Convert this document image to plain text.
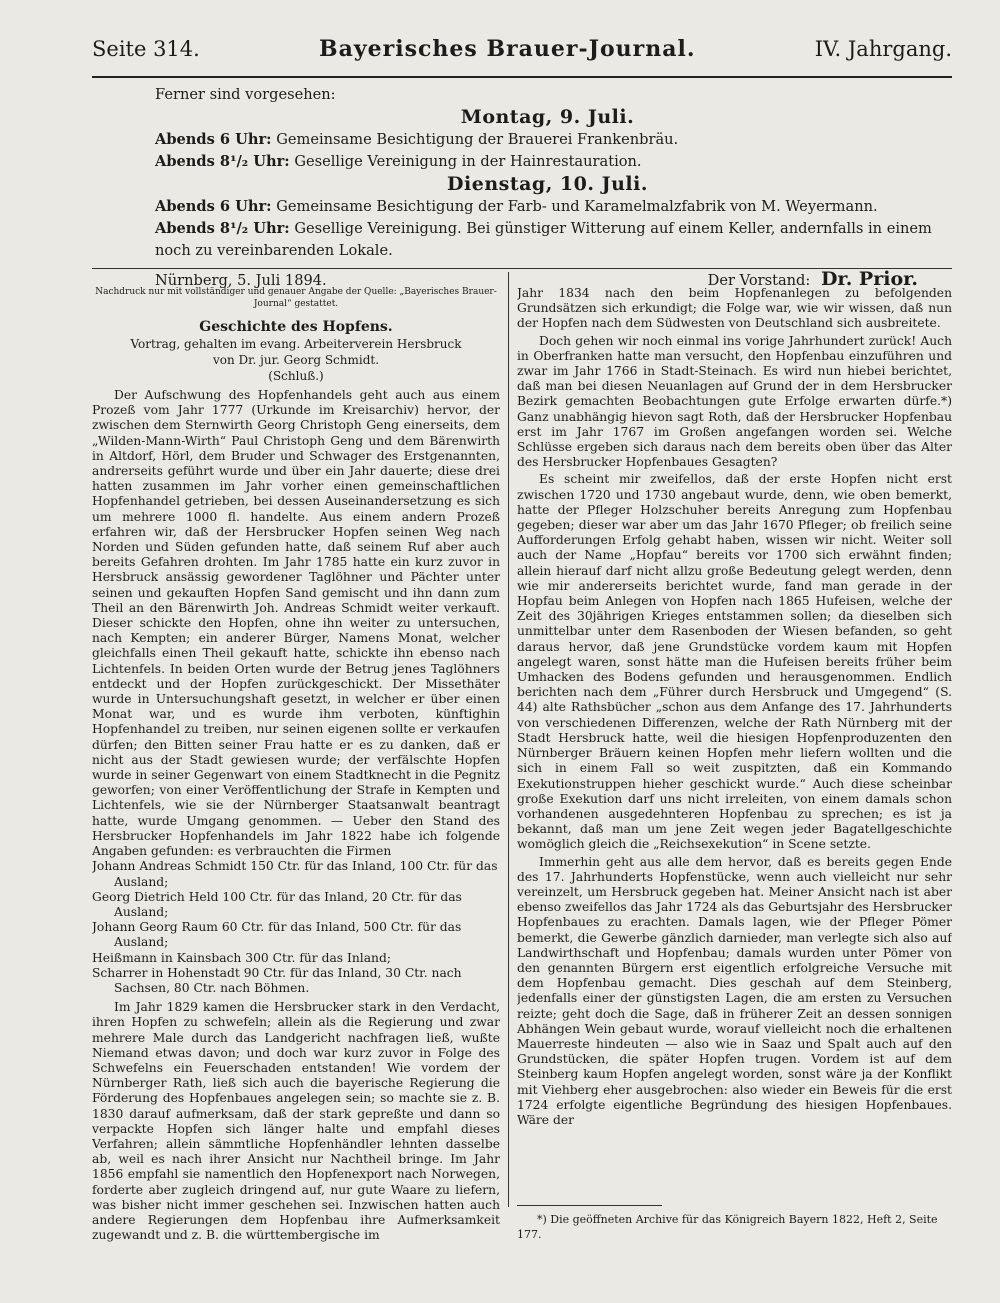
Seite 314.	Bayerisches Brauer-Journal.	IV. Jahrgang.

Ferner sind vorgesehen:

Montag, 9. Juli.

Abends 6 Uhr: Gemeinsame Besichtigung der Brauerei Frankenbräu.

Abends 8¹/₂ Uhr: Gesellige Vereinigung in der Hainrestauration.

Dienstag, 10. Juli.

Abends 6 Uhr: Gemeinsame Besichtigung der Farb- und Karamelmalzfabrik von M. Weyermann.

Abends 8¹/₂ Uhr: Gesellige Vereinigung. Bei günstiger Witterung auf einem Keller, andernfalls in einem noch zu vereinbarenden Lokale.

Nürnberg, 5. Juli 1894.	Der Vorstand: Dr. Prior.

Nachdruck nur mit vollständiger und genauer Angabe der Quelle: „Bayerisches Brauer-Journal“ gestattet.

Geschichte des Hopfens.

Vortrag, gehalten im evang. Arbeiterverein Hersbruck

von Dr. jur. Georg Schmidt.

(Schluß.)

Der Aufschwung des Hopfenhandels geht auch aus einem Prozeß vom Jahr 1777 (Urkunde im Kreisarchiv) hervor, der zwischen dem Sternwirth Georg Christoph Geng einerseits, dem „Wilden-Mann-Wirth“ Paul Christoph Geng und dem Bärenwirth in Altdorf, Hörl, dem Bruder und Schwager des Erstgenannten, andrerseits geführt wurde und über ein Jahr dauerte; diese drei hatten zusammen im Jahr vorher einen gemeinschaftlichen Hopfenhandel getrieben, bei dessen Auseinandersetzung es sich um mehrere 1000 fl. handelte. Aus einem andern Prozeß erfahren wir, daß der Hersbrucker Hopfen seinen Weg nach Norden und Süden gefunden hatte, daß seinem Ruf aber auch bereits Gefahren drohten. Im Jahr 1785 hatte ein kurz zuvor in Hersbruck ansässig gewordener Taglöhner und Pächter unter seinen und gekauften Hopfen Sand gemischt und ihn dann zum Theil an den Bärenwirth Joh. Andreas Schmidt weiter verkauft. Dieser schickte den Hopfen, ohne ihn weiter zu untersuchen, nach Kempten; ein anderer Bürger, Namens Monat, welcher gleichfalls einen Theil gekauft hatte, schickte ihn ebenso nach Lichtenfels. In beiden Orten wurde der Betrug jenes Taglöhners entdeckt und der Hopfen zurückgeschickt. Der Missethäter wurde in Untersuchungshaft gesetzt, in welcher er über einen Monat war, und es wurde ihm verboten, künftighin Hopfenhandel zu treiben, nur seinen eigenen sollte er verkaufen dürfen; den Bitten seiner Frau hatte er es zu danken, daß er nicht aus der Stadt gewiesen wurde; der verfälschte Hopfen wurde in seiner Gegenwart von einem Stadtknecht in die Pegnitz geworfen; von einer Veröffentlichung der Strafe in Kempten und Lichtenfels, wie sie der Nürnberger Staatsanwalt beantragt hatte, wurde Umgang genommen. — Ueber den Stand des Hersbrucker Hopfenhandels im Jahr 1822 habe ich folgende Angaben gefunden: es verbrauchten die Firmen

Johann Andreas Schmidt 150 Ctr. für das Inland, 100 Ctr. für das Ausland;
Georg Dietrich Held 100 Ctr. für das Inland, 20 Ctr. für das Ausland;
Johann Georg Raum 60 Ctr. für das Inland, 500 Ctr. für das Ausland;
Heißmann in Kainsbach 300 Ctr. für das Inland;
Scharrer in Hohenstadt 90 Ctr. für das Inland, 30 Ctr. nach Sachsen, 80 Ctr. nach Böhmen.

Im Jahr 1829 kamen die Hersbrucker stark in den Verdacht, ihren Hopfen zu schwefeln; allein als die Regierung und zwar mehrere Male durch das Landgericht nachfragen ließ, wußte Niemand etwas davon; und doch war kurz zuvor in Folge des Schwefelns ein Feuerschaden entstanden! Wie vordem der Nürnberger Rath, ließ sich auch die bayerische Regierung die Förderung des Hopfenbaues angelegen sein; so machte sie z. B. 1830 darauf aufmerksam, daß der stark gepreßte und dann so verpackte Hopfen sich länger halte und empfahl dieses Verfahren; allein sämmtliche Hopfenhändler lehnten dasselbe ab, weil es nach ihrer Ansicht nur Nachtheil bringe. Im Jahr 1856 empfahl sie namentlich den Hopfenexport nach Norwegen, forderte aber zugleich dringend auf, nur gute Waare zu liefern, was bisher nicht immer geschehen sei. Inzwischen hatten auch andere Regierungen dem Hopfenbau ihre Aufmerksamkeit zugewandt und z. B. die württembergische im

Jahr 1834 nach den beim Hopfenanlegen zu befolgenden Grundsätzen sich erkundigt; die Folge war, wie wir wissen, daß nun der Hopfen nach dem Südwesten von Deutschland sich ausbreitete.

Doch gehen wir noch einmal ins vorige Jahrhundert zurück! Auch in Oberfranken hatte man versucht, den Hopfenbau einzuführen und zwar im Jahr 1766 in Stadt-Steinach. Es wird nun hiebei berichtet, daß man bei diesen Neuanlagen auf Grund der in dem Hersbrucker Bezirk gemachten Beobachtungen gute Erfolge erwarten dürfe.*) Ganz unabhängig hievon sagt Roth, daß der Hersbrucker Hopfenbau erst im Jahr 1767 im Großen angefangen worden sei. Welche Schlüsse ergeben sich daraus nach dem bereits oben über das Alter des Hersbrucker Hopfenbaues Gesagten?

Es scheint mir zweifellos, daß der erste Hopfen nicht erst zwischen 1720 und 1730 angebaut wurde, denn, wie oben bemerkt, hatte der Pfleger Holzschuher bereits Anregung zum Hopfenbau gegeben; dieser war aber um das Jahr 1670 Pfleger; ob freilich seine Aufforderungen Erfolg gehabt haben, wissen wir nicht. Weiter soll auch der Name „Hopfau“ bereits vor 1700 sich erwähnt finden; allein hierauf darf nicht allzu große Bedeutung gelegt werden, denn wie mir andererseits berichtet wurde, fand man gerade in der Hopfau beim Anlegen von Hopfen nach 1865 Hufeisen, welche der Zeit des 30jährigen Krieges entstammen sollen; da dieselben sich unmittelbar unter dem Rasenboden der Wiesen befanden, so geht daraus hervor, daß jene Grundstücke vordem kaum mit Hopfen angelegt waren, sonst hätte man die Hufeisen bereits früher beim Umhacken des Bodens gefunden und herausgenommen. Endlich berichten nach dem „Führer durch Hersbruck und Umgegend“ (S. 44) alte Rathsbücher „schon aus dem Anfange des 17. Jahrhunderts von verschiedenen Differenzen, welche der Rath Nürnberg mit der Stadt Hersbruck hatte, weil die hiesigen Hopfenproduzenten den Nürnberger Bräuern keinen Hopfen mehr liefern wollten und die sich in einem Fall so weit zuspitzten, daß ein Kommando Exekutionstruppen hieher geschickt wurde.“ Auch diese scheinbar große Exekution darf uns nicht irreleiten, von einem damals schon vorhandenen ausgedehnteren Hopfenbau zu sprechen; es ist ja bekannt, daß man um jene Zeit wegen jeder Bagatellgeschichte womöglich gleich die „Reichsexekution“ in Scene setzte.

Immerhin geht aus alle dem hervor, daß es bereits gegen Ende des 17. Jahrhunderts Hopfenstücke, wenn auch vielleicht nur sehr vereinzelt, um Hersbruck gegeben hat. Meiner Ansicht nach ist aber ebenso zweifellos das Jahr 1724 als das Geburtsjahr des Hersbrucker Hopfenbaues zu erachten. Damals lagen, wie der Pfleger Pömer bemerkt, die Gewerbe gänzlich darnieder, man verlegte sich also auf Landwirthschaft und Hopfenbau; damals wurden unter Pömer von den genannten Bürgern erst eigentlich erfolgreiche Versuche mit dem Hopfenbau gemacht. Dies geschah auf dem Steinberg, jedenfalls einer der günstigsten Lagen, die am ersten zu Versuchen reizte; geht doch die Sage, daß in früherer Zeit an dessen sonnigen Abhängen Wein gebaut wurde, worauf vielleicht noch die erhaltenen Mauerreste hindeuten — also wie in Saaz und Spalt auch auf den Grundstücken, die später Hopfen trugen. Vordem ist auf dem Steinberg kaum Hopfen angelegt worden, sonst wäre ja der Konflikt mit Viehberg eher ausgebrochen: also wieder ein Beweis für die erst 1724 erfolgte eigentliche Begründung des hiesigen Hopfenbaues. Wäre der

*) Die geöffneten Archive für das Königreich Bayern 1822, Heft 2, Seite 177.
